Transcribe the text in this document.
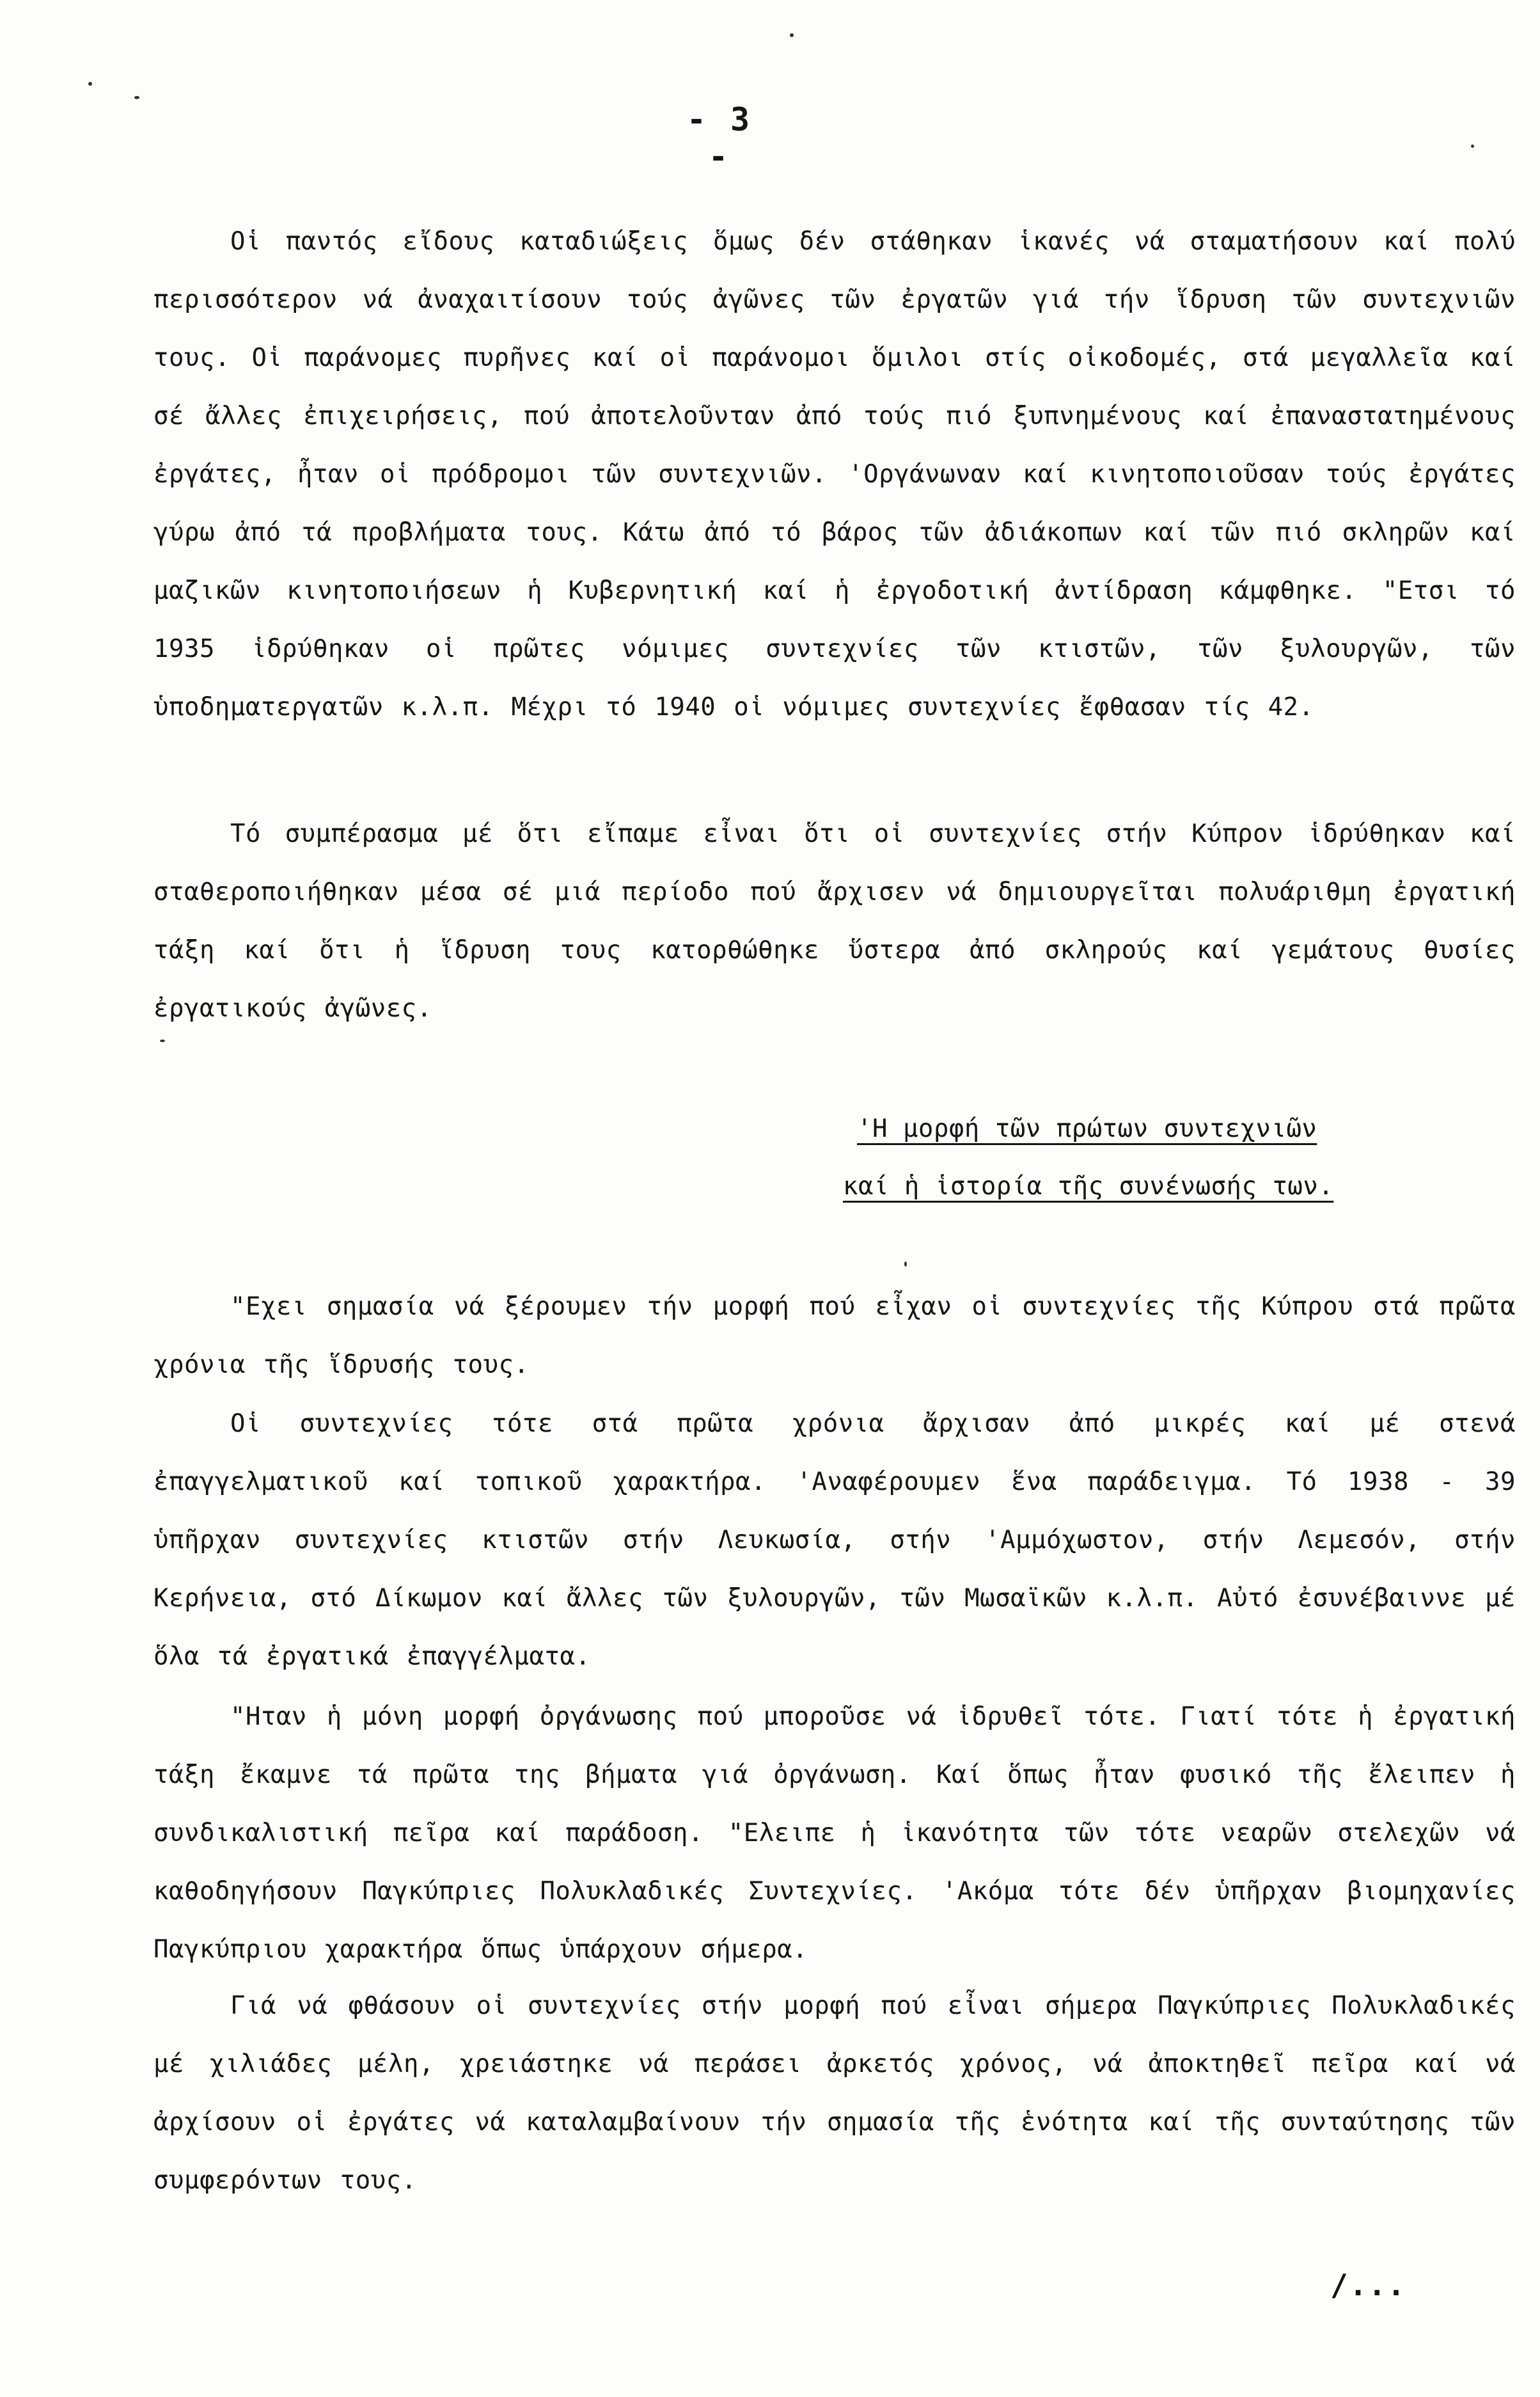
- 3 -

Οἱ παντός εἴδους καταδιώξεις ὅμως δέν στάθηκαν ἱκανές νά σταματήσουν καί πολύ περισσότερον νά ἀναχαιτίσουν τούς ἀγῶνες τῶν ἐργατῶν γιά τήν ἵδρυση τῶν συντεχνιῶν τους. Οἱ παράνομες πυρῆνες καί οἱ παράνομοι ὅμιλοι στίς οἰκοδομές, στά μεγαλλεῖα καί σέ ἄλλες ἐπιχειρήσεις, πού ἀποτελοῦνταν ἀπό τούς πιό ξυπνημένους καί ἐπαναστατημένους ἐργάτες, ἦταν οἱ πρόδρομοι τῶν συντεχνιῶν. 'Οργάνωναν καί κινητοποιοῦσαν τούς ἐργάτες γύρω ἀπό τά προβλήματα τους. Κάτω ἀπό τό βάρος τῶν ἀδιάκοπων καί τῶν πιό σκληρῶν καί μαζικῶν κινητοποιήσεων ἡ Κυβερνητική καί ἡ ἐργοδοτική ἀντίδραση κάμφθηκε. "Ετσι τό 1935 ἱδρύθηκαν οἱ πρῶτες νόμιμες συντεχνίες τῶν κτιστῶν, τῶν ξυλουργῶν, τῶν ὑποδηματεργατῶν κ.λ.π. Μέχρι τό 1940 οἱ νόμιμες συντεχνίες ἔφθασαν τίς 42.

Τό συμπέρασμα μέ ὅτι εἴπαμε εἶναι ὅτι οἱ συντεχνίες στήν Κύπρον ἱδρύθηκαν καί σταθεροποιήθηκαν μέσα σέ μιά περίοδο πού ἄρχισεν νά δημιουργεῖται πολυάριθμη ἐργατική τάξη καί ὅτι ἡ ἵδρυση τους κατορθώθηκε ὕστερα ἀπό σκληρούς καί γεμάτους θυσίες ἐργατικούς ἀγῶνες.

'Η μορφή τῶν πρώτων συντεχνιῶν
καί ἡ ἱστορία τῆς συνένωσής των.

"Εχει σημασία νά ξέρουμεν τήν μορφή πού εἶχαν οἱ συντεχνίες τῆς Κύπρου στά πρῶτα χρόνια τῆς ἵδρυσής τους.

Οἱ συντεχνίες τότε στά πρῶτα χρόνια ἄρχισαν ἀπό μικρές καί μέ στενά ἐπαγγελματικοῦ καί τοπικοῦ χαρακτήρα. 'Αναφέρουμεν ἕνα παράδειγμα. Τό 1938 - 39 ὑπῆρχαν συντεχνίες κτιστῶν στήν Λευκωσία, στήν 'Αμμόχωστον, στήν Λεμεσόν, στήν Κερήνεια, στό Δίκωμον καί ἄλλες τῶν ξυλουργῶν, τῶν Μωσαϊκῶν κ.λ.π. Αὐτό ἐσυνέβαιννε μέ ὅλα τά ἐργατικά ἐπαγγέλματα.

"Ηταν ἡ μόνη μορφή ὀργάνωσης πού μποροῦσε νά ἱδρυθεῖ τότε. Γιατί τότε ἡ ἐργατική τάξη ἔκαμνε τά πρῶτα της βήματα γιά ὀργάνωση. Καί ὅπως ἦταν φυσικό τῆς ἔλειπεν ἡ συνδικαλιστική πεῖρα καί παράδοση. "Ελειπε ἡ ἱκανότητα τῶν τότε νεαρῶν στελεχῶν νά καθοδηγήσουν Παγκύπριες Πολυκλαδικές Συντεχνίες. 'Ακόμα τότε δέν ὑπῆρχαν βιομηχανίες Παγκύπριου χαρακτήρα ὅπως ὑπάρχουν σήμερα.

Γιά νά φθάσουν οἱ συντεχνίες στήν μορφή πού εἶναι σήμερα Παγκύπριες Πολυκλαδικές μέ χιλιάδες μέλη, χρειάστηκε νά περάσει ἀρκετός χρόνος, νά ἀποκτηθεῖ πεῖρα καί νά ἀρχίσουν οἱ ἐργάτες νά καταλαμβαίνουν τήν σημασία τῆς ἑνότητα καί τῆς συνταύτησης τῶν συμφερόντων τους.

/...
